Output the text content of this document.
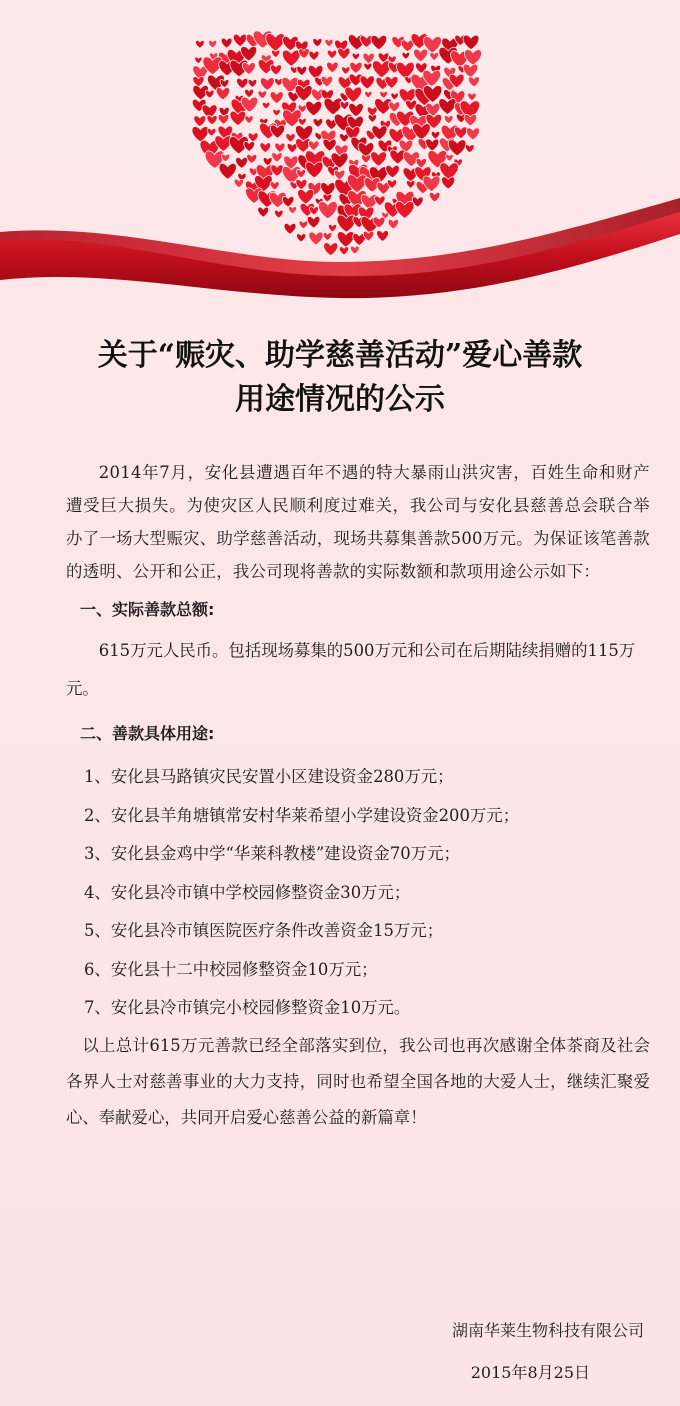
关于“赈灾、助学慈善活动”爱心善款
用途情况的公示

2014年7月，安化县遭遇百年不遇的特大暴雨山洪灾害，百姓生命和财产遭受巨大损失。为使灾区人民顺利度过难关，我公司与安化县慈善总会联合举办了一场大型赈灾、助学慈善活动，现场共募集善款500万元。为保证该笔善款的透明、公开和公正，我公司现将善款的实际数额和款项用途公示如下：

一、实际善款总额:

615万元人民币。包括现场募集的500万元和公司在后期陆续捐赠的115万元。

二、善款具体用途:
1、安化县马路镇灾民安置小区建设资金280万元；
2、安化县羊角塘镇常安村华莱希望小学建设资金200万元；
3、安化县金鸡中学“华莱科教楼”建设资金70万元；
4、安化县冷市镇中学校园修整资金30万元；
5、安化县冷市镇医院医疗条件改善资金15万元；
6、安化县十二中校园修整资金10万元；
7、安化县冷市镇完小校园修整资金10万元。

以上总计615万元善款已经全部落实到位，我公司也再次感谢全体茶商及社会各界人士对慈善事业的大力支持，同时也希望全国各地的大爱人士，继续汇聚爱心、奉献爱心，共同开启爱心慈善公益的新篇章！

湖南华莱生物科技有限公司
2015年8月25日
